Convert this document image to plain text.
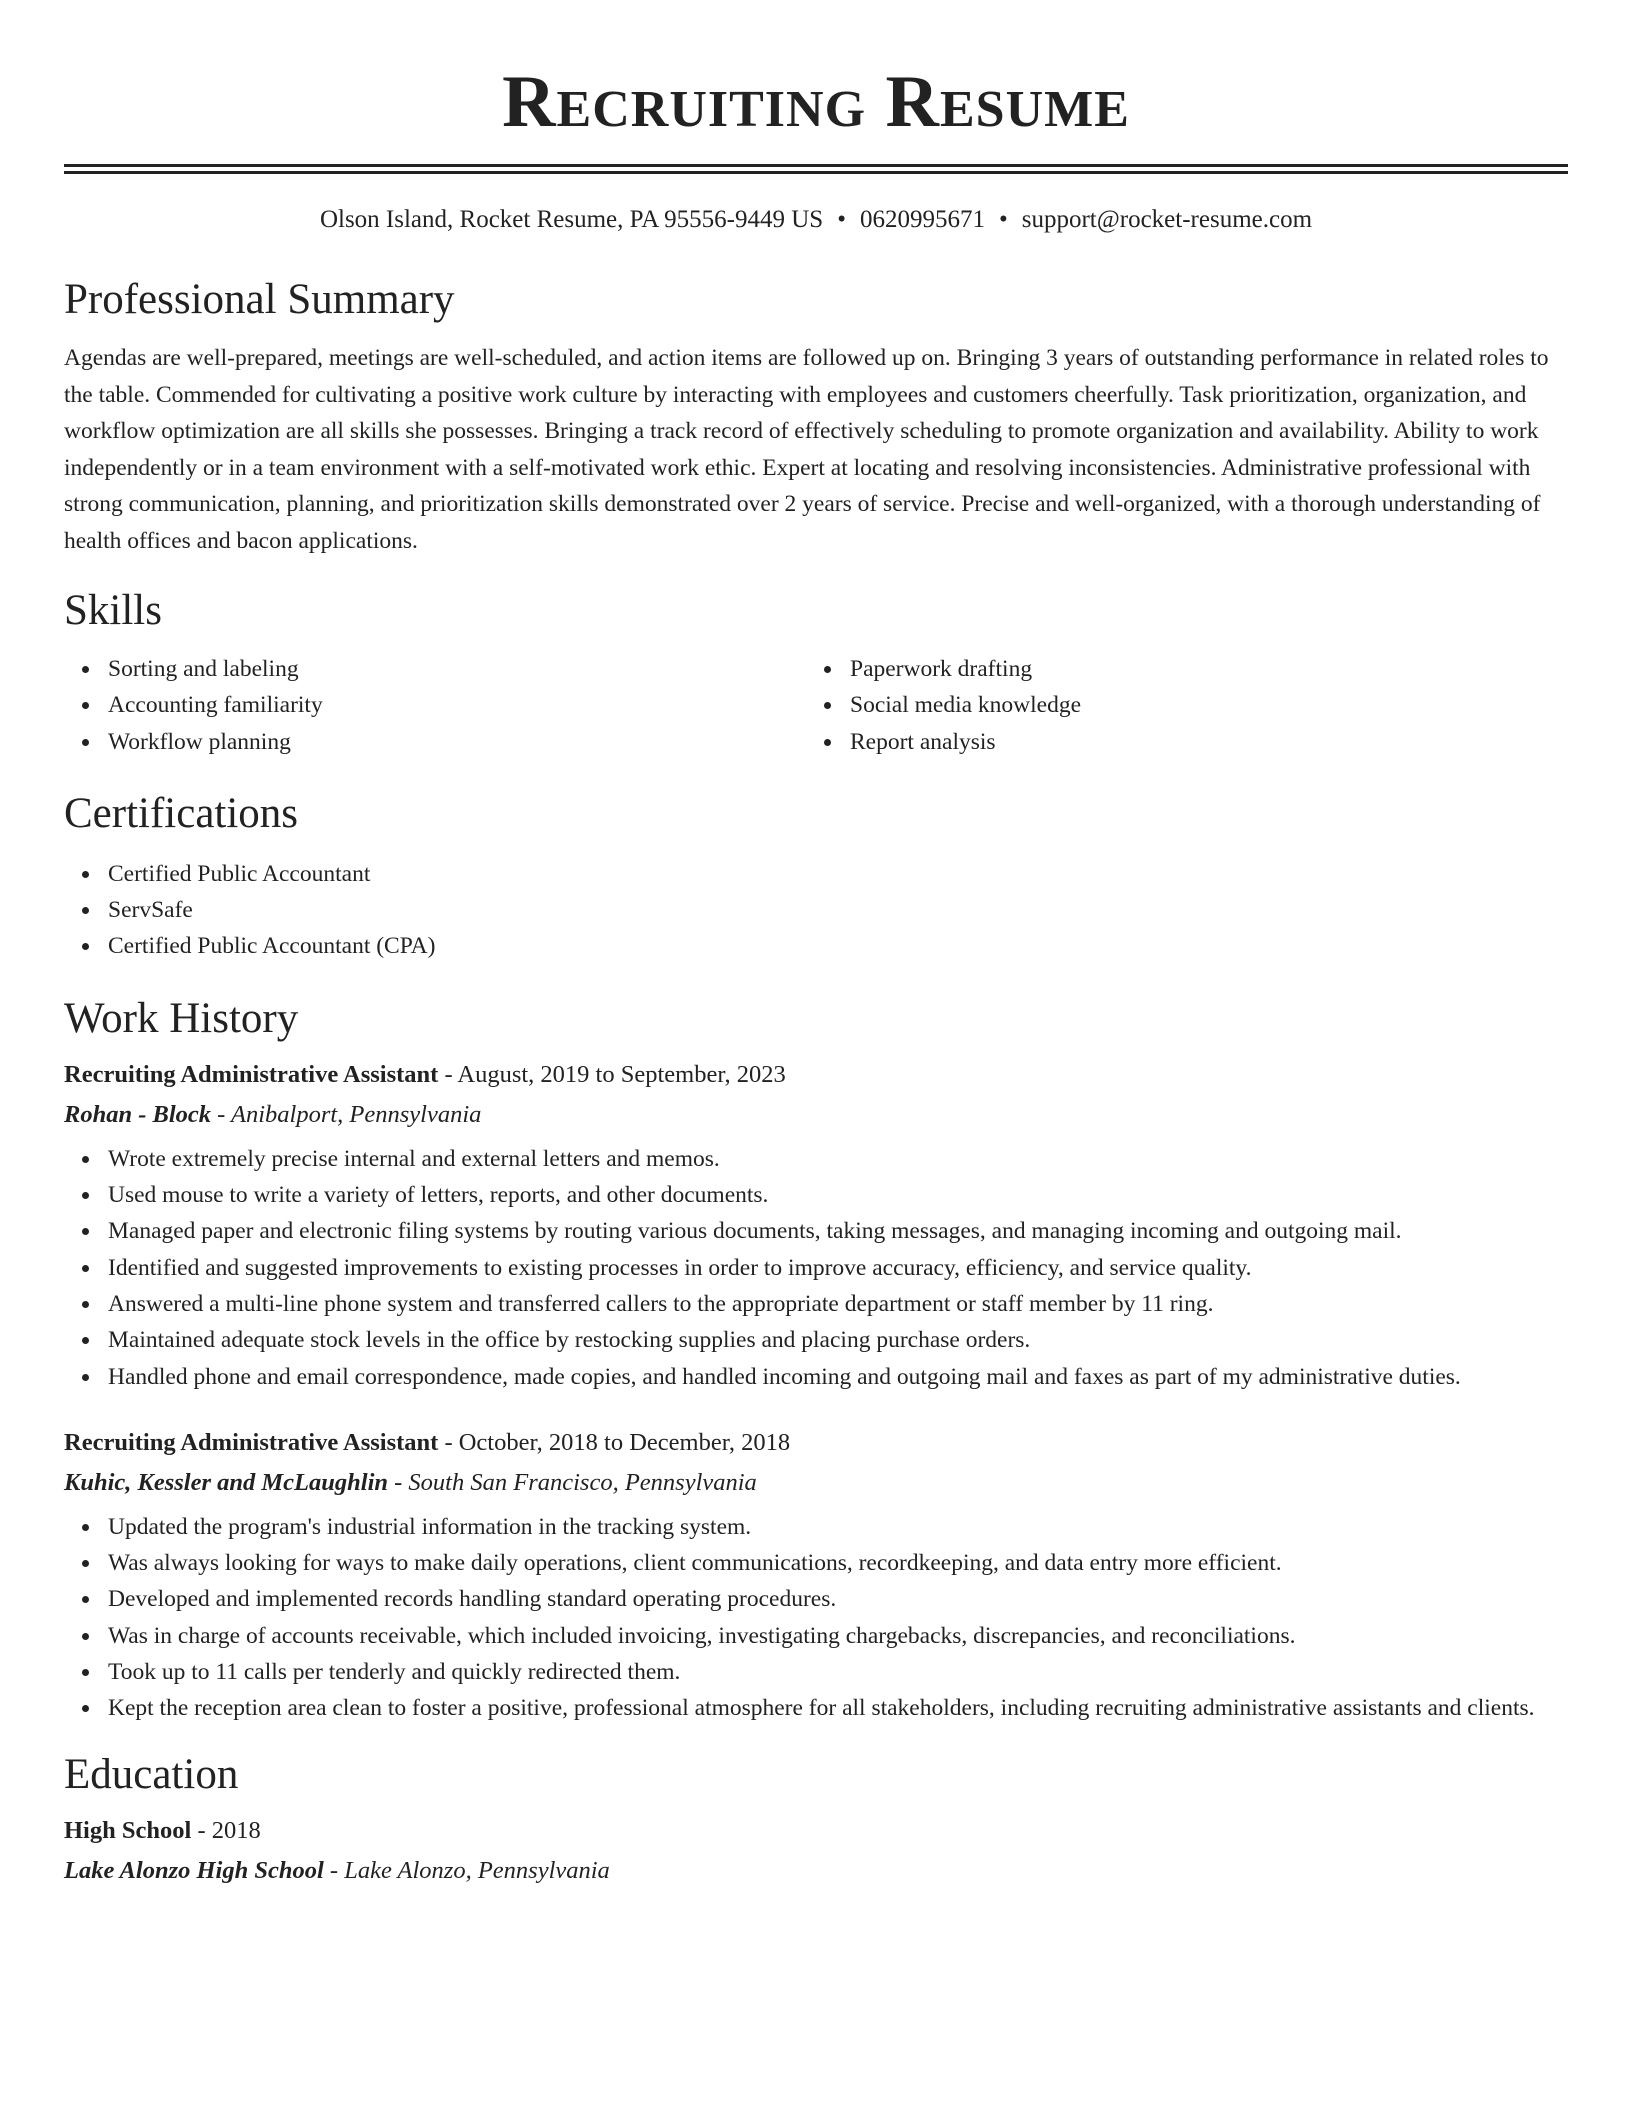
Recruiting Resume
Olson Island, Rocket Resume, PA 95556-9449 US • 0620995671 • support@rocket-resume.com
Professional Summary
Agendas are well-prepared, meetings are well-scheduled, and action items are followed up on. Bringing 3 years of outstanding performance in related roles to the table. Commended for cultivating a positive work culture by interacting with employees and customers cheerfully. Task prioritization, organization, and workflow optimization are all skills she possesses. Bringing a track record of effectively scheduling to promote organization and availability. Ability to work independently or in a team environment with a self-motivated work ethic. Expert at locating and resolving inconsistencies. Administrative professional with strong communication, planning, and prioritization skills demonstrated over 2 years of service. Precise and well-organized, with a thorough understanding of health offices and bacon applications.
Skills
Sorting and labeling
Accounting familiarity
Workflow planning
Paperwork drafting
Social media knowledge
Report analysis
Certifications
Certified Public Accountant
ServSafe
Certified Public Accountant (CPA)
Work History
Recruiting Administrative Assistant - August, 2019 to September, 2023
Rohan - Block - Anibalport, Pennsylvania
Wrote extremely precise internal and external letters and memos.
Used mouse to write a variety of letters, reports, and other documents.
Managed paper and electronic filing systems by routing various documents, taking messages, and managing incoming and outgoing mail.
Identified and suggested improvements to existing processes in order to improve accuracy, efficiency, and service quality.
Answered a multi-line phone system and transferred callers to the appropriate department or staff member by 11 ring.
Maintained adequate stock levels in the office by restocking supplies and placing purchase orders.
Handled phone and email correspondence, made copies, and handled incoming and outgoing mail and faxes as part of my administrative duties.
Recruiting Administrative Assistant - October, 2018 to December, 2018
Kuhic, Kessler and McLaughlin - South San Francisco, Pennsylvania
Updated the program's industrial information in the tracking system.
Was always looking for ways to make daily operations, client communications, recordkeeping, and data entry more efficient.
Developed and implemented records handling standard operating procedures.
Was in charge of accounts receivable, which included invoicing, investigating chargebacks, discrepancies, and reconciliations.
Took up to 11 calls per tenderly and quickly redirected them.
Kept the reception area clean to foster a positive, professional atmosphere for all stakeholders, including recruiting administrative assistants and clients.
Education
High School - 2018
Lake Alonzo High School - Lake Alonzo, Pennsylvania
